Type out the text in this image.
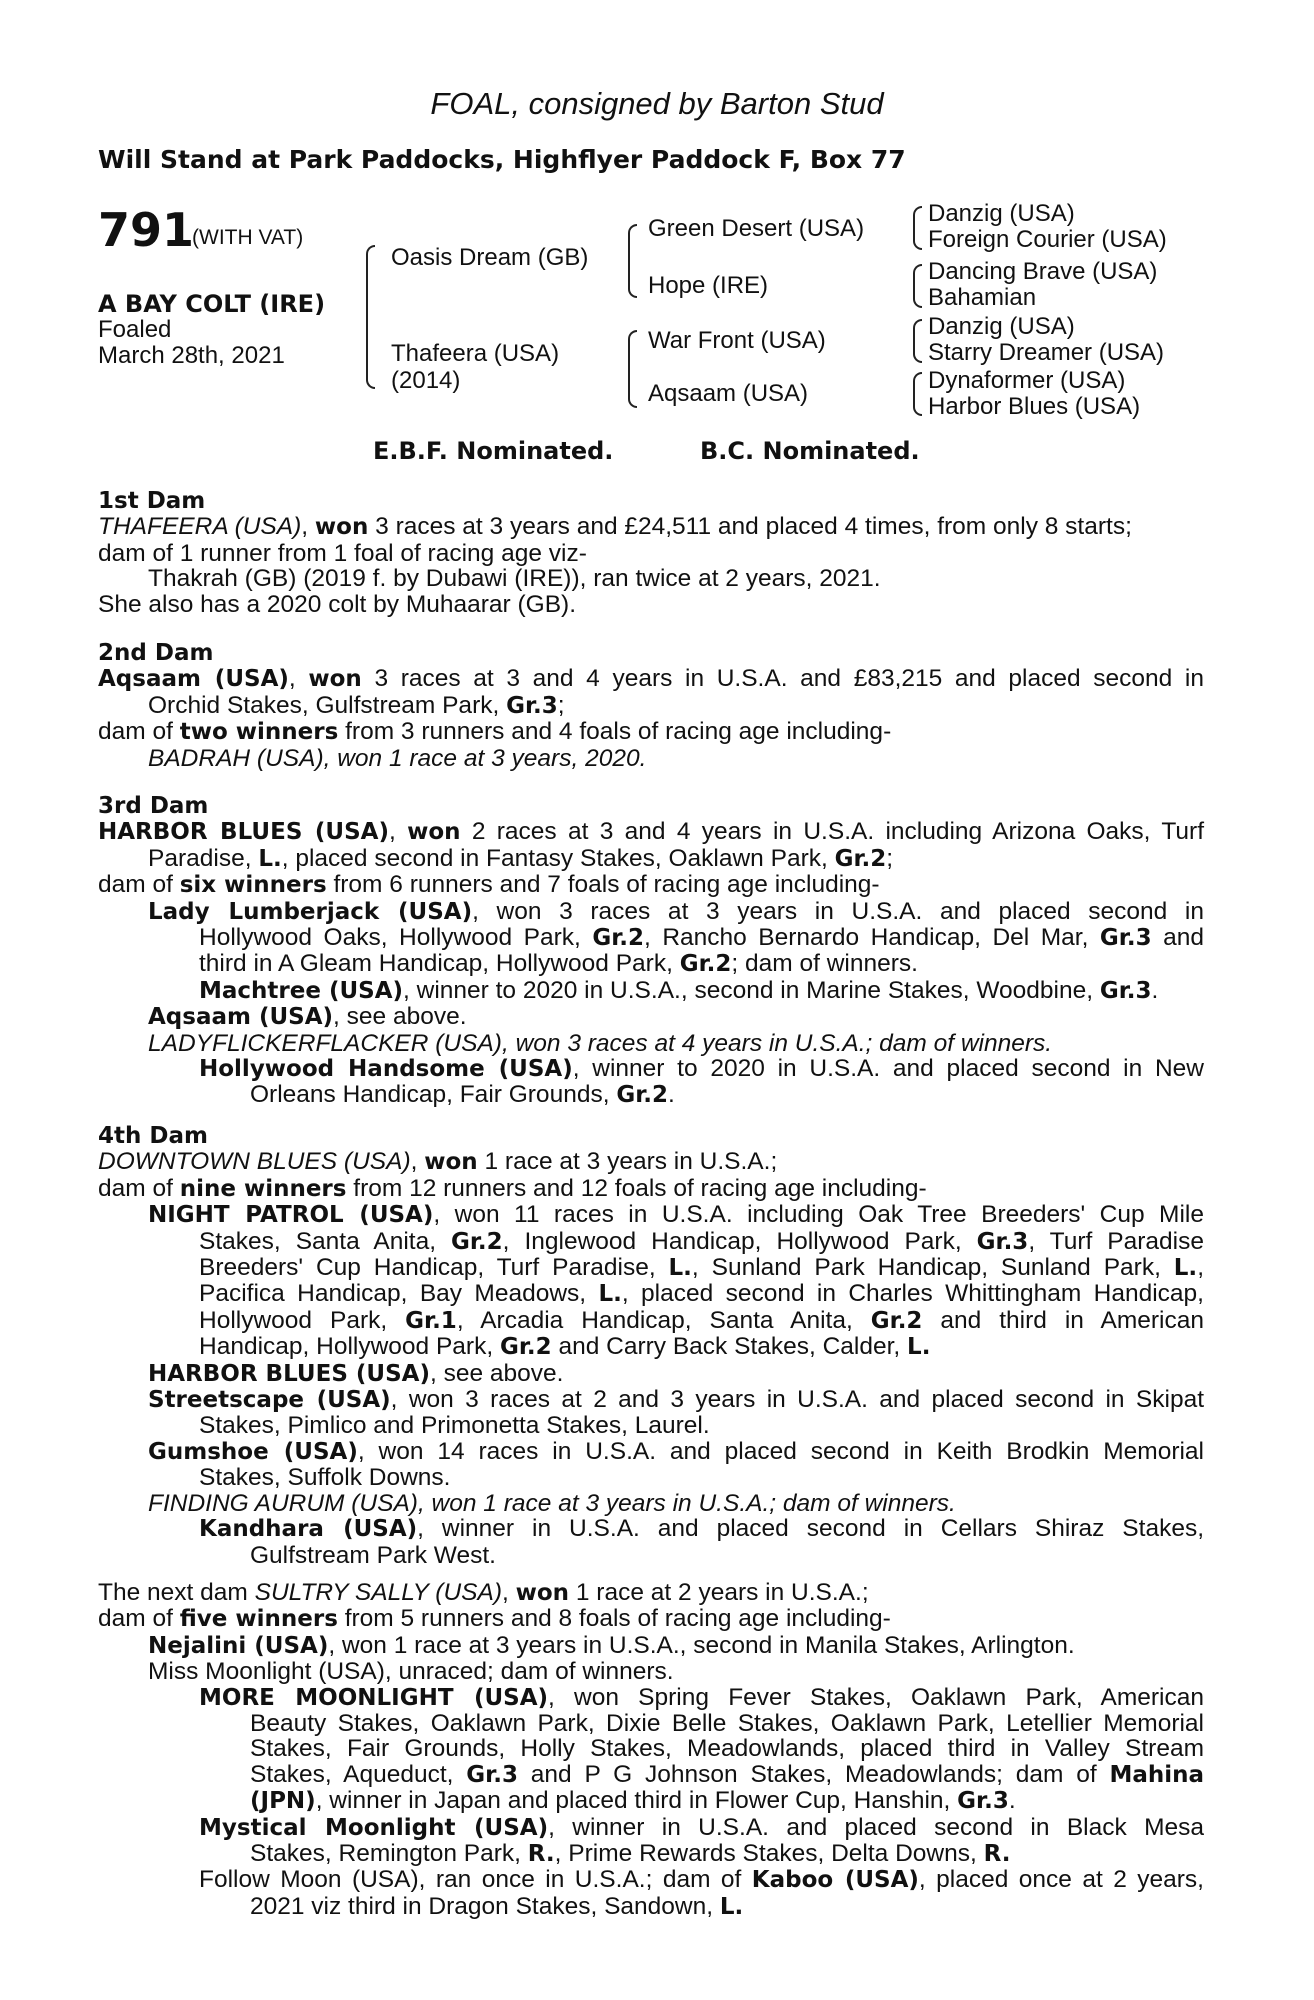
FOAL, consigned by Barton Stud
Will Stand at Park Paddocks, Highflyer Paddock F, Box 77
791
(WITH VAT)
A BAY COLT (IRE)
Foaled
March 28th, 2021
Oasis Dream (GB)
Thafeera (USA)
(2014)
Green Desert (USA)
Hope (IRE)
War Front (USA)
Aqsaam (USA)
Danzig (USA)
Foreign Courier (USA)
Dancing Brave (USA)
Bahamian
Danzig (USA)
Starry Dreamer (USA)
Dynaformer (USA)
Harbor Blues (USA)
E.B.F. Nominated.	B.C. Nominated.
1st Dam
THAFEERA (USA), won 3 races at 3 years and £24,511 and placed 4 times, from only 8 starts;
dam of 1 runner from 1 foal of racing age viz-
Thakrah (GB) (2019 f. by Dubawi (IRE)), ran twice at 2 years, 2021.
She also has a 2020 colt by Muhaarar (GB).
2nd Dam
Aqsaam (USA), won 3 races at 3 and 4 years in U.S.A. and £83,215 and placed second in
Orchid Stakes, Gulfstream Park, Gr.3;
dam of two winners from 3 runners and 4 foals of racing age including-
BADRAH (USA), won 1 race at 3 years, 2020.
3rd Dam
HARBOR BLUES (USA), won 2 races at 3 and 4 years in U.S.A. including Arizona Oaks, Turf
Paradise, L., placed second in Fantasy Stakes, Oaklawn Park, Gr.2;
dam of six winners from 6 runners and 7 foals of racing age including-
Lady Lumberjack (USA), won 3 races at 3 years in U.S.A. and placed second in
Hollywood Oaks, Hollywood Park, Gr.2, Rancho Bernardo Handicap, Del Mar, Gr.3 and
third in A Gleam Handicap, Hollywood Park, Gr.2; dam of winners.
Machtree (USA), winner to 2020 in U.S.A., second in Marine Stakes, Woodbine, Gr.3.
Aqsaam (USA), see above.
LADYFLICKERFLACKER (USA), won 3 races at 4 years in U.S.A.; dam of winners.
Hollywood Handsome (USA), winner to 2020 in U.S.A. and placed second in New
Orleans Handicap, Fair Grounds, Gr.2.
4th Dam
DOWNTOWN BLUES (USA), won 1 race at 3 years in U.S.A.;
dam of nine winners from 12 runners and 12 foals of racing age including-
NIGHT PATROL (USA), won 11 races in U.S.A. including Oak Tree Breeders' Cup Mile
Stakes, Santa Anita, Gr.2, Inglewood Handicap, Hollywood Park, Gr.3, Turf Paradise
Breeders' Cup Handicap, Turf Paradise, L., Sunland Park Handicap, Sunland Park, L.,
Pacifica Handicap, Bay Meadows, L., placed second in Charles Whittingham Handicap,
Hollywood Park, Gr.1, Arcadia Handicap, Santa Anita, Gr.2 and third in American
Handicap, Hollywood Park, Gr.2 and Carry Back Stakes, Calder, L.
HARBOR BLUES (USA), see above.
Streetscape (USA), won 3 races at 2 and 3 years in U.S.A. and placed second in Skipat
Stakes, Pimlico and Primonetta Stakes, Laurel.
Gumshoe (USA), won 14 races in U.S.A. and placed second in Keith Brodkin Memorial
Stakes, Suffolk Downs.
FINDING AURUM (USA), won 1 race at 3 years in U.S.A.; dam of winners.
Kandhara (USA), winner in U.S.A. and placed second in Cellars Shiraz Stakes,
Gulfstream Park West.
The next dam SULTRY SALLY (USA), won 1 race at 2 years in U.S.A.;
dam of five winners from 5 runners and 8 foals of racing age including-
Nejalini (USA), won 1 race at 3 years in U.S.A., second in Manila Stakes, Arlington.
Miss Moonlight (USA), unraced; dam of winners.
MORE MOONLIGHT (USA), won Spring Fever Stakes, Oaklawn Park, American
Beauty Stakes, Oaklawn Park, Dixie Belle Stakes, Oaklawn Park, Letellier Memorial
Stakes, Fair Grounds, Holly Stakes, Meadowlands, placed third in Valley Stream
Stakes, Aqueduct, Gr.3 and P G Johnson Stakes, Meadowlands; dam of Mahina
(JPN), winner in Japan and placed third in Flower Cup, Hanshin, Gr.3.
Mystical Moonlight (USA), winner in U.S.A. and placed second in Black Mesa
Stakes, Remington Park, R., Prime Rewards Stakes, Delta Downs, R.
Follow Moon (USA), ran once in U.S.A.; dam of Kaboo (USA), placed once at 2 years,
2021 viz third in Dragon Stakes, Sandown, L.
